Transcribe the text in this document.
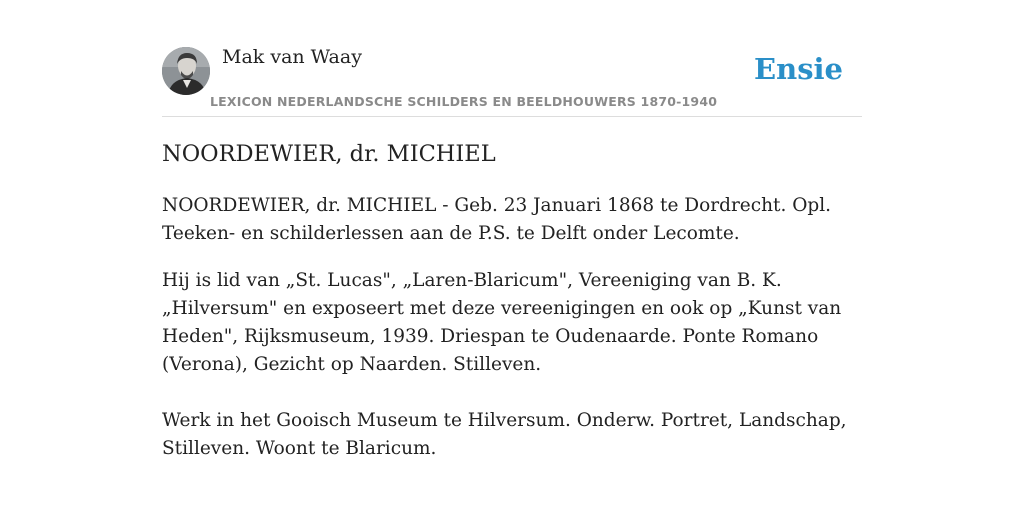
Mak van Waay
LEXICON NEDERLANDSCHE SCHILDERS EN BEELDHOUWERS 1870-1940
Ensie
NOORDEWIER, dr. MICHIEL

NOORDEWIER, dr. MICHIEL - Geb. 23 Januari 1868 te Dordrecht. Opl. Teeken- en schilderlessen aan de P.S. te Delft onder Lecomte.

Hij is lid van „St. Lucas", „Laren-Blaricum", Vereeniging van B. K. „Hilversum" en exposeert met deze vereenigingen en ook op „Kunst van Heden", Rijksmuseum, 1939. Driespan te Oudenaarde. Ponte Romano (Verona), Gezicht op Naarden. Stilleven.

Werk in het Gooisch Museum te Hilversum. Onderw. Portret, Landschap, Stilleven. Woont te Blaricum.
